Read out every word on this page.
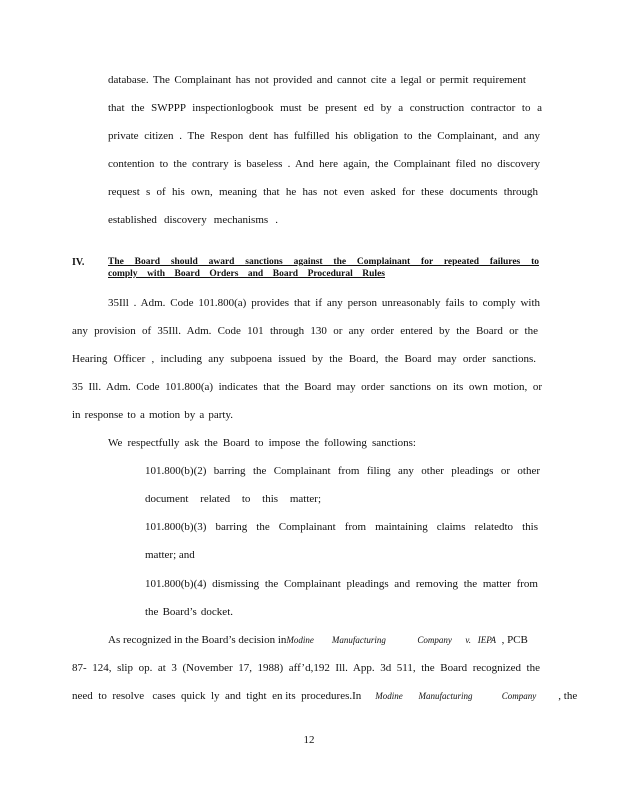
database. The Complainant has not provided and cannot cite a legal or permit requirement
that the SWPPP inspectionlogbook must be present ed by a construction contractor to a
private citizen . The Respon dent has fulfilled his obligation to the Complainant, and any
contention to the contrary is baseless . And here again, the Complainant filed no discovery
request s of his own, meaning that he has not even asked for these documents through
established discovery mechanisms .
IV. The Board should award sanctions against the Complainant for repeated failures to
comply with Board Orders and Board Procedural Rules
35Ill . Adm. Code 101.800(a) provides that if any person unreasonably fails to comply with
any provision of 35Ill. Adm. Code 101 through 130 or any order entered by the Board or the
Hearing Officer , including any subpoena issued by the Board, the Board may order sanctions.
35 Ill. Adm. Code 101.800(a) indicates that the Board may order sanctions on its own motion, or
in response to a motion by a party.
We respectfully ask the Board to impose the following sanctions:
101.800(b)(2) barring the Complainant from filing any other pleadings or other
document related to this matter;
101.800(b)(3) barring the Complainant from maintaining claims relatedto this
matter; and
101.800(b)(4) dismissing the Complainant pleadings and removing the matter from
the Board’s docket.
As recognized in the Board’s decision inModine        Manufacturing              Company      v.   IEPA  , PCB
87- 124, slip op. at 3 (November 17, 1988) aff’d,192 Ill. App. 3d 511, the Board recognized the
need  to  resolve   cases  quick  ly  and  tight  en its  procedures.In Modine       Manufacturing             Company , the
12
